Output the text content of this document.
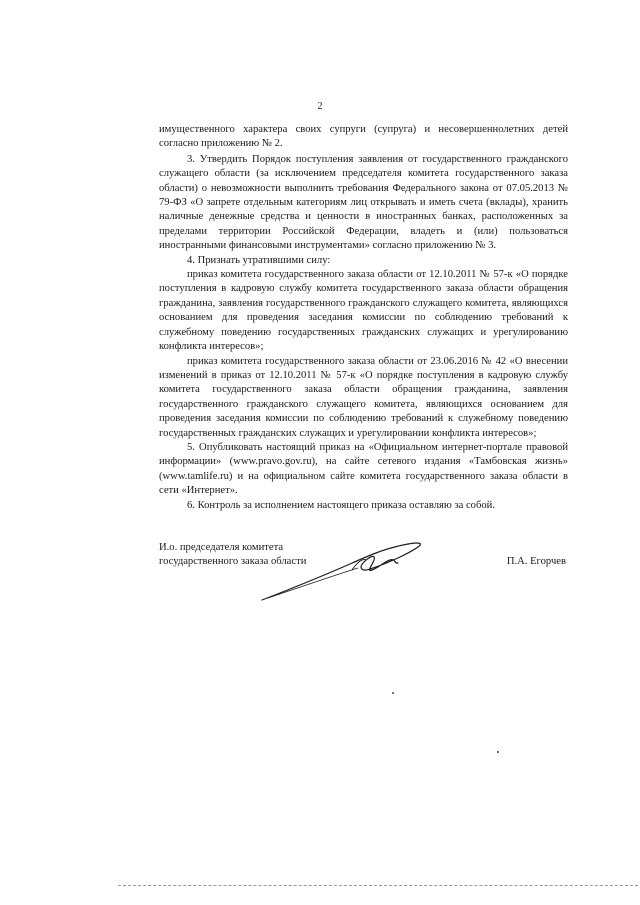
2

имущественного характера своих супруги (супруга) и несовершеннолетних детей согласно приложению № 2.

3. Утвердить Порядок поступления заявления от государственного гражданского служащего области (за исключением председателя комитета государственного заказа области) о невозможности выполнить требования Федерального закона от 07.05.2013 № 79-ФЗ «О запрете отдельным категориям лиц открывать и иметь счета (вклады), хранить наличные денежные средства и ценности в иностранных банках, расположенных за пределами территории Российской Федерации, владеть и (или) пользоваться иностранными финансовыми инструментами» согласно приложению № 3.

4. Признать утратившими силу:

приказ комитета государственного заказа области от 12.10.2011 № 57-к «О порядке поступления в кадровую службу комитета государственного заказа области обращения гражданина, заявления государственного гражданского служащего комитета, являющихся основанием для проведения заседания комиссии по соблюдению требований к служебному поведению государственных гражданских служащих и урегулированию конфликта интересов»;

приказ комитета государственного заказа области от 23.06.2016 № 42 «О внесении изменений в приказ от 12.10.2011 № 57-к «О порядке поступления в кадровую службу комитета государственного заказа области обращения гражданина, заявления государственного гражданского служащего комитета, являющихся основанием для проведения заседания комиссии по соблюдению требований к служебному поведению государственных гражданских служащих и урегулировании конфликта интересов»;

5. Опубликовать настоящий приказ на «Официальном интернет-портале правовой информации» (www.pravo.gov.ru), на сайте сетевого издания «Тамбовская жизнь» (www.tamlife.ru) и на официальном сайте комитета государственного заказа области в сети «Интернет».

6. Контроль за исполнением настоящего приказа оставляю за собой.

И.о. председателя комитета
государственного заказа области	П.А. Егорчев
